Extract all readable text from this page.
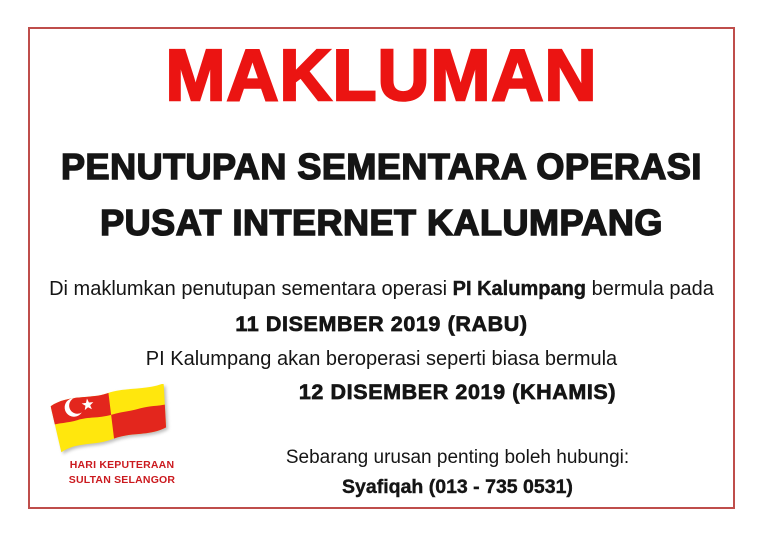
MAKLUMAN
PENUTUPAN SEMENTARA OPERASI
PUSAT INTERNET KALUMPANG
Di maklumkan penutupan sementara operasi PI Kalumpang bermula pada
11 DISEMBER 2019 (RABU)
PI Kalumpang akan beroperasi seperti biasa bermula
12 DISEMBER 2019 (KHAMIS)
HARI KEPUTERAAN
SULTAN SELANGOR
Sebarang urusan penting boleh hubungi:
Syafiqah (013 - 735 0531)
